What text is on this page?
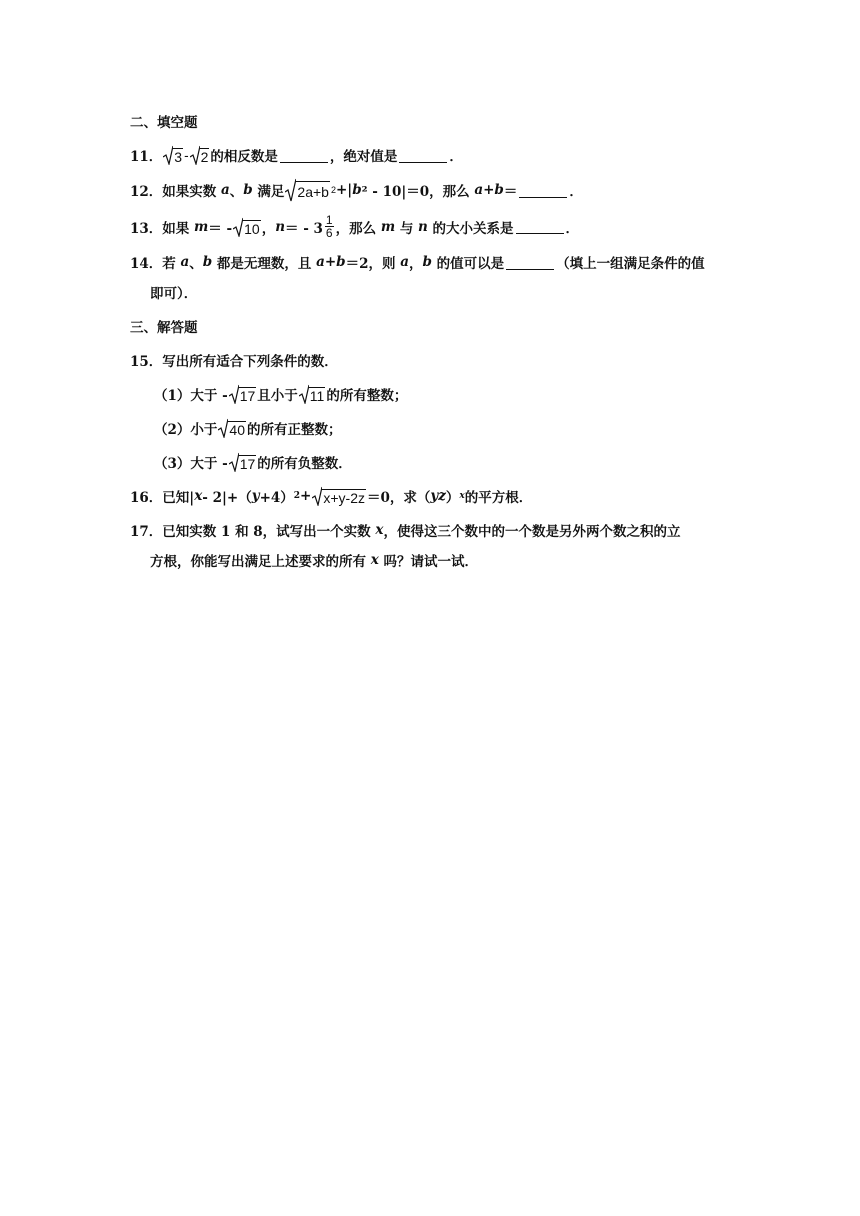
二、填空题
11． 3 - 2 的相反数是	，绝对值是	．
12． 如果实数
a 、 b
满足 2a+b 2 +| b ² - 10|＝0，那么
a+b ＝	．
13． 如果
m ＝ - 10 ， n ＝ - $3 \frac{1}{6}$ ，那么
m
与
n
的大小关系是	．
14． 若
a 、 b
都是无理数，且
a+b ＝2，则
a ， b
的值可以是	（填上一组满足条件的值
即可）．
三、解答题
15． 写出所有适合下列条件的数．
（1）大于 - 17 且小于 11 的所有整数；
（2）小于 40 的所有正整数；
（3）大于 - 17 的所有负整数．
16． 已知| x - 2|+（ y +4） 2 + x+y-2z ＝0，求（ yz ） x 的平方根．
17． 已知实数 1 和 8，试写出一个实数
x ，使得这三个数中的一个数是另外两个数之积的立
方根，你能写出满足上述要求的所有
x
吗？请试一试．
